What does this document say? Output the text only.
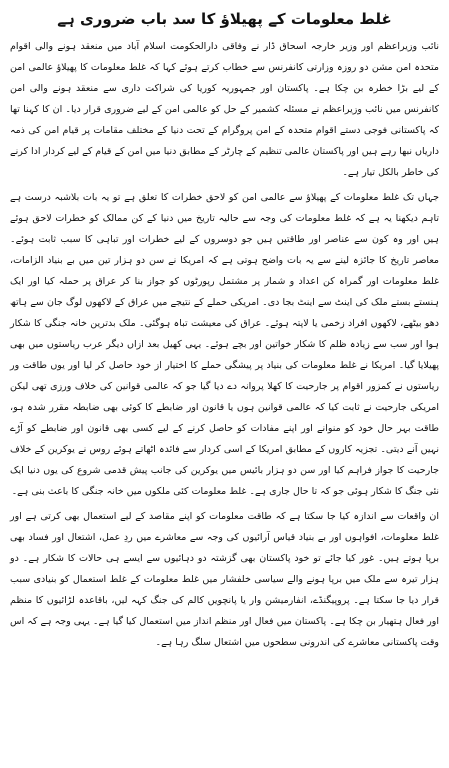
غلط معلومات کے پھیلاؤ کا سد باب ضروری ہے

نائب وزیراعظم اور وزیر خارجہ اسحاق ڈار نے وفاقی دارالحکومت اسلام آباد میں منعقد ہونے والی اقوام متحدہ امن مشن دو روزہ وزارتی کانفرنس سے خطاب کرتے ہوئے کہا کہ غلط معلومات کا پھیلاؤ عالمی امن کے لیے بڑا خطرہ بن چکا ہے۔ پاکستان اور جمہوریہ کوریا کی شراکت داری سے منعقد ہونے والی امن کانفرنس میں نائب وزیراعظم نے مسئلہ کشمیر کے حل کو عالمی امن کے لیے ضروری قرار دیا۔ ان کا کہنا تھا کہ پاکستانی فوجی دستے اقوام متحدہ کے امن پروگرام کے تحت دنیا کے مختلف مقامات پر قیام امن کی ذمہ داریاں نبھا رہے ہیں اور پاکستان عالمی تنظیم کے چارٹر کے مطابق دنیا میں امن کے قیام کے لیے کردار ادا کرنے کی خاطر بالکل تیار ہے۔

جہاں تک غلط معلومات کے پھیلاؤ سے عالمی امن کو لاحق خطرات کا تعلق ہے تو یہ بات بلاشبہ درست ہے تاہم دیکھنا یہ ہے کہ غلط معلومات کی وجہ سے حالیہ تاریخ میں دنیا کے کن ممالک کو خطرات لاحق ہوئے ہیں اور وہ کون سے عناصر اور طاقتیں ہیں جو دوسروں کے لیے خطرات اور تباہی کا سبب ثابت ہوئے۔ معاصر تاریخ کا جائزہ لینے سے یہ بات واضح ہوتی ہے کہ امریکا نے سن دو ہزار تین میں بے بنیاد الزامات، غلط معلومات اور گمراہ کن اعداد و شمار پر مشتمل رپورٹوں کو جواز بنا کر عراق پر حملہ کیا اور ایک ہنستے بستے ملک کی اینٹ سے اینٹ بجا دی۔ امریکی حملے کے نتیجے میں عراق کے لاکھوں لوگ جان سے ہاتھ دھو بیٹھے، لاکھوں افراد زخمی یا لاپتہ ہوئے۔ عراق کی معیشت تباہ ہوگئی۔ ملک بدترین خانہ جنگی کا شکار ہوا اور سب سے زیادہ ظلم کا شکار خواتین اور بچے ہوئے۔ یہی کھیل بعد ازاں دیگر عرب ریاستوں میں بھی پھیلایا گیا۔ امریکا نے غلط معلومات کی بنیاد پر پیشگی حملے کا اختیار از خود حاصل کر لیا اور یوں طاقت ور ریاستوں نے کمزور اقوام پر جارحیت کا کھلا پروانہ دے دیا گیا جو کہ عالمی قوانین کی خلاف ورزی تھی لیکن امریکی جارحیت نے ثابت کیا کہ عالمی قوانین ہوں یا قانون اور ضابطے کا کوئی بھی ضابطہ مقرر شدہ ہو، طاقت بہر حال خود کو منوانے اور اپنے مفادات کو حاصل کرنے کے لیے کسی بھی قانون اور ضابطے کو آڑے نہیں آنے دیتی۔ تجزیہ کاروں کے مطابق امریکا کے اسی کردار سے فائدہ اٹھاتے ہوئے روس نے یوکرین کے خلاف جارحیت کا جواز فراہم کیا اور سن دو ہزار بائیس میں یوکرین کی جانب پیش قدمی شروع کی یوں دنیا ایک نئی جنگ کا شکار ہوئی جو کہ تا حال جاری ہے۔ غلط معلومات کئی ملکوں میں خانہ جنگی کا باعث بنی ہے۔

ان واقعات سے اندازہ کیا جا سکتا ہے کہ طاقت معلومات کو اپنے مقاصد کے لیے استعمال بھی کرتی ہے اور غلط معلومات، افواہوں اور بے بنیاد قیاس آرائیوں کی وجہ سے معاشرے میں ردِ عمل، اشتعال اور فساد بھی برپا ہوتے ہیں۔ غور کیا جائے تو خود پاکستان بھی گزشتہ دو دہائیوں سے ایسے ہی حالات کا شکار ہے۔ دو ہزار تیرہ سے ملک میں برپا ہونے والے سیاسی خلفشار میں غلط معلومات کے غلط استعمال کو بنیادی سبب قرار دیا جا سکتا ہے۔ پروپیگنڈے، انفارمیشن وار یا پانچویں کالم کی جنگ کہہ لیں، باقاعدہ لڑائیوں کا منظم اور فعال ہتھیار بن چکا ہے۔ پاکستان میں فعال اور منظم انداز میں استعمال کیا گیا ہے۔ یہی وجہ ہے کہ اس وقت پاکستانی معاشرے کی اندرونی سطحوں میں اشتعال سلگ رہا ہے۔
